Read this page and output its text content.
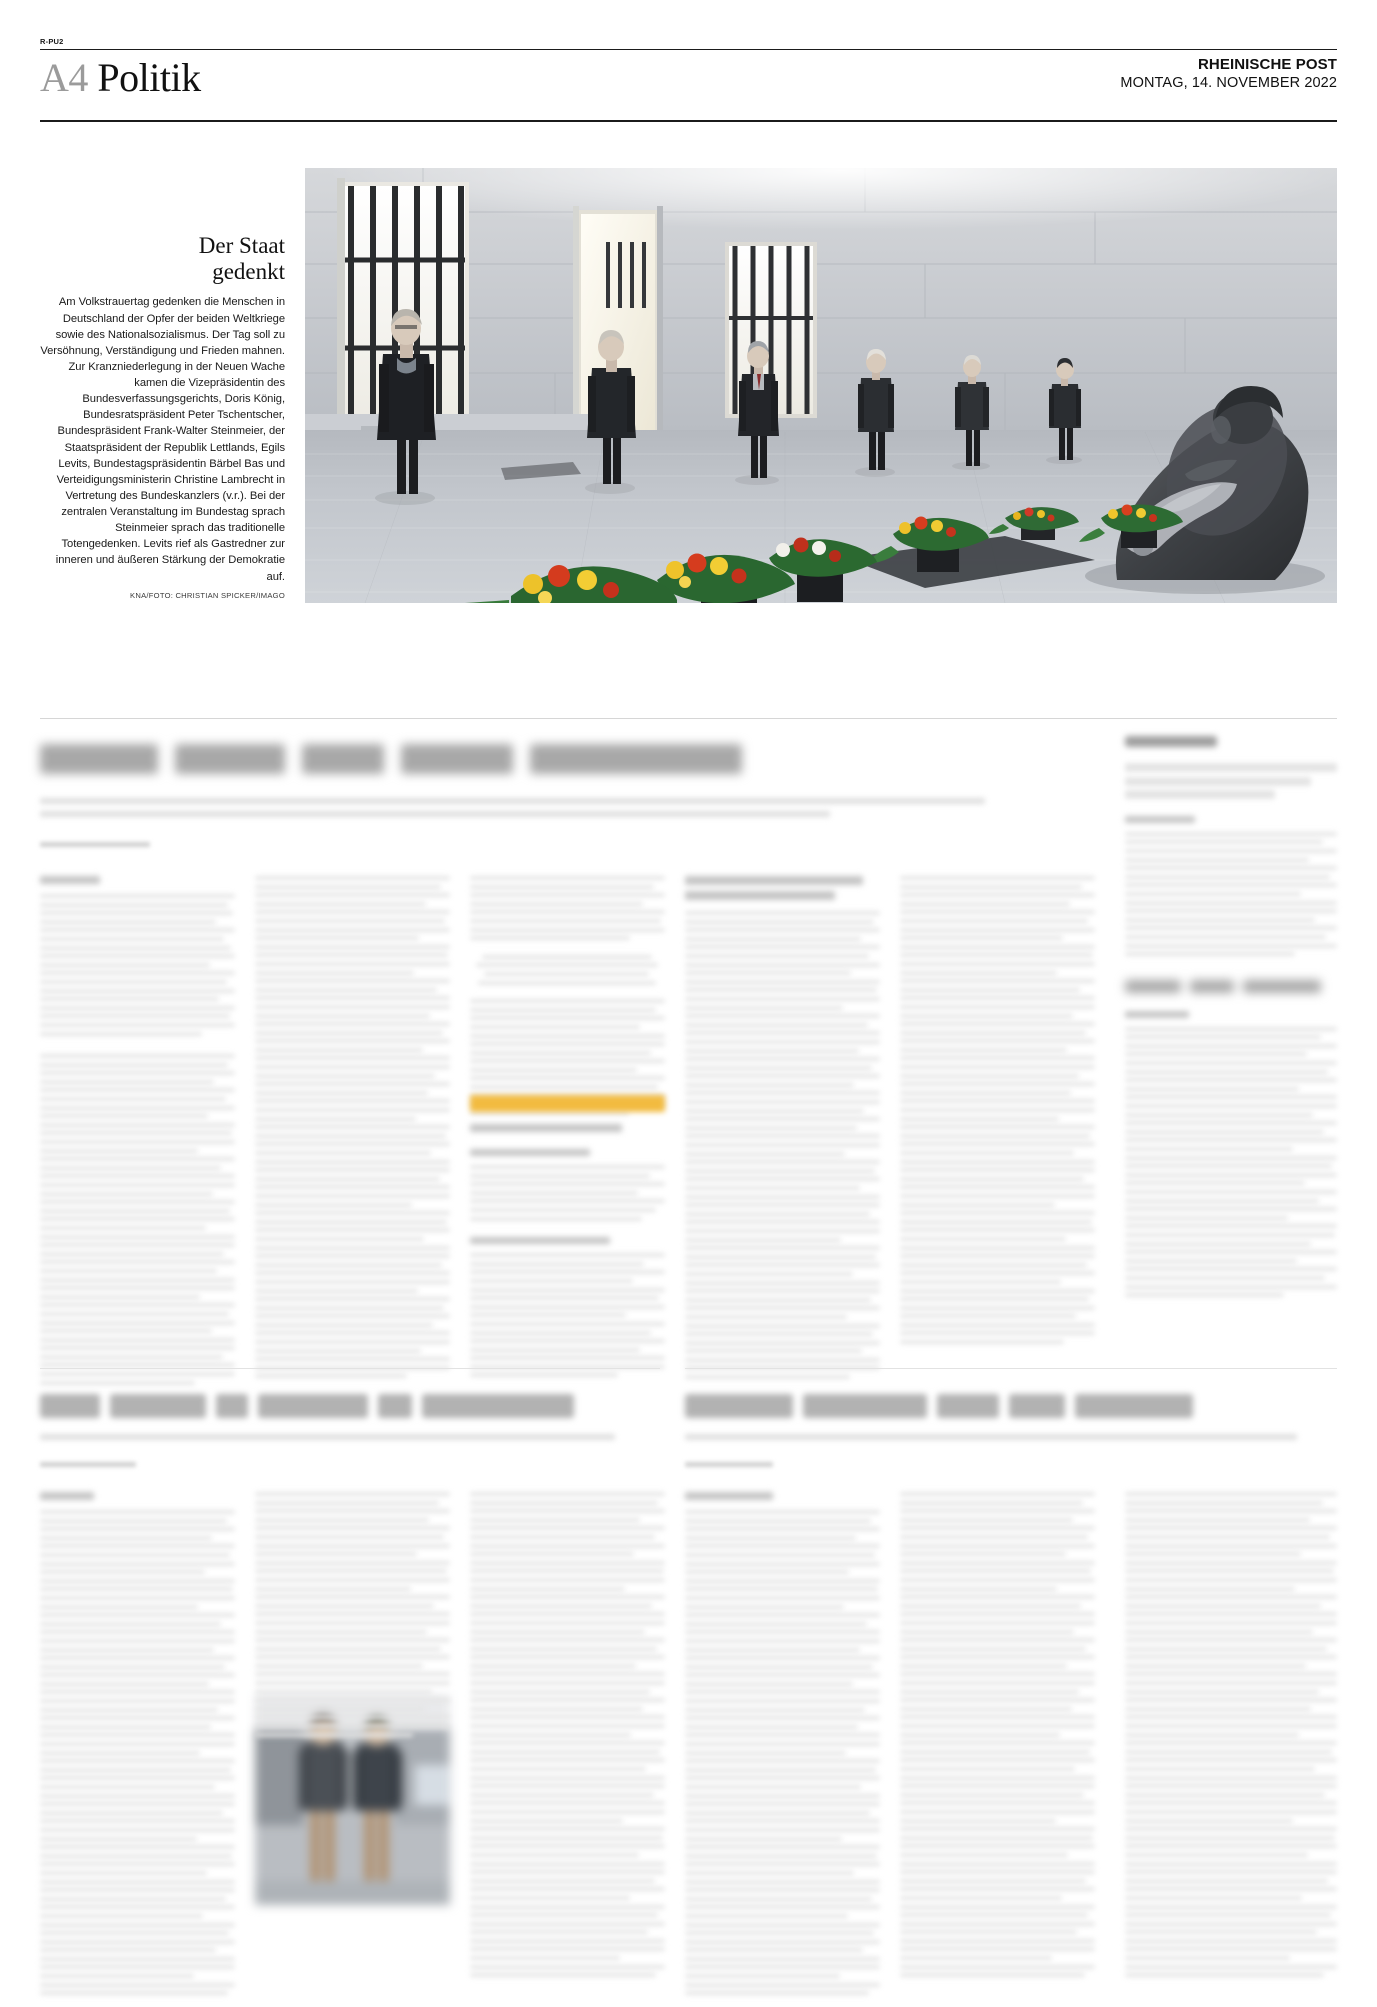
R-PU2
A4 Politik	RHEINISCHE POST
MONTAG, 14. NOVEMBER 2022
Der Staat
gedenkt
Am Volkstrauertag gedenken die Menschen in Deutschland der Opfer der beiden Weltkriege sowie des Nationalsozialismus. Der Tag soll zu Versöhnung, Verständigung und Frieden mahnen. Zur Kranzniederlegung in der Neuen Wache kamen die Vizepräsidentin des Bundesverfassungsgerichts, Doris König, Bundesratspräsident Peter Tschentscher, Bundespräsident Frank-Walter Steinmeier, der Staatspräsident der Republik Lettlands, Egils Levits, Bundestagspräsidentin Bärbel Bas und Verteidigungsministerin Christine Lambrecht in Vertretung des Bundeskanzlers (v.r.). Bei der zentralen Veranstaltung im Bundestag sprach Steinmeier sprach das traditionelle Totengedenken. Levits rief als Gastredner zur inneren und äußeren Stärkung der Demokratie auf.
KNA/FOTO: CHRISTIAN SPICKER/IMAGO
